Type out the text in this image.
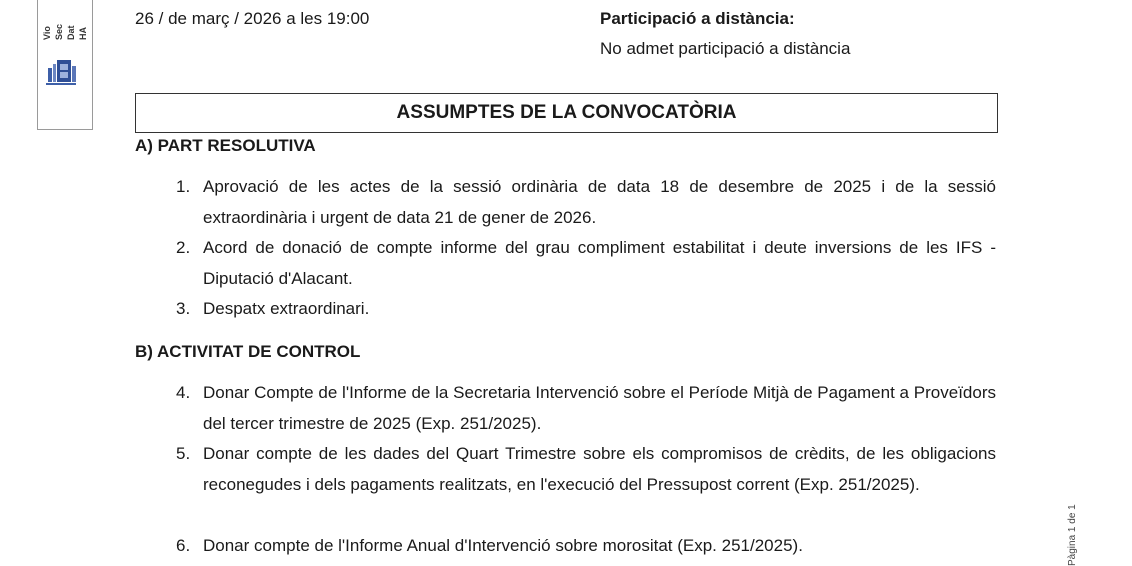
Vio Sec Dat HA
26 / de març / 2026 a les 19:00	Participació a distància:
No admet participació a distància
ASSUMPTES DE LA CONVOCATÒRIA
A) PART RESOLUTIVA
1. Aprovació de les actes de la sessió ordinària de data 18 de desembre de 2025 i de la sessió extraordinària i urgent de data 21 de gener de 2026.
2. Acord de donació de compte informe del grau compliment estabilitat i deute inversions de les IFS - Diputació d'Alacant.
3. Despatx extraordinari.
B) ACTIVITAT DE CONTROL
4. Donar Compte de l'Informe de la Secretaria Intervenció sobre el Període Mitjà de Pagament a Proveïdors del tercer trimestre de 2025 (Exp. 251/2025).
5. Donar compte de les dades del Quart Trimestre sobre els compromisos de crèdits, de les obligacions reconegudes i dels pagaments realitzats, en l'execució del Pressupost corrent (Exp. 251/2025).
6. Donar compte de l'Informe Anual d'Intervenció sobre morositat (Exp. 251/2025).	Pàgina 1 de 1
